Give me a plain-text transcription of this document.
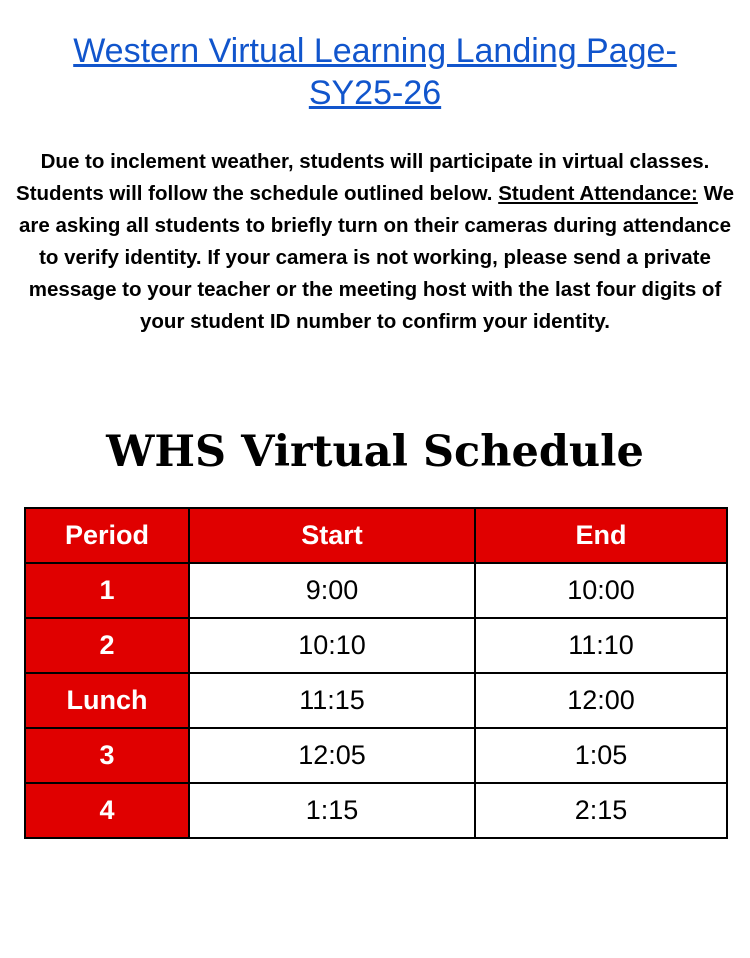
Western Virtual Learning Landing Page-
SY25-26
Due to inclement weather, students will participate in virtual classes. Students will follow the schedule outlined below. Student Attendance: We are asking all students to briefly turn on their cameras during attendance to verify identity. If your camera is not working, please send a private message to your teacher or the meeting host with the last four digits of your student ID number to confirm your identity.
WHS Virtual Schedule
Period	Start	End
1	9:00	10:00
2	10:10	11:10
Lunch	11:15	12:00
3	12:05	1:05
4	1:15	2:15
